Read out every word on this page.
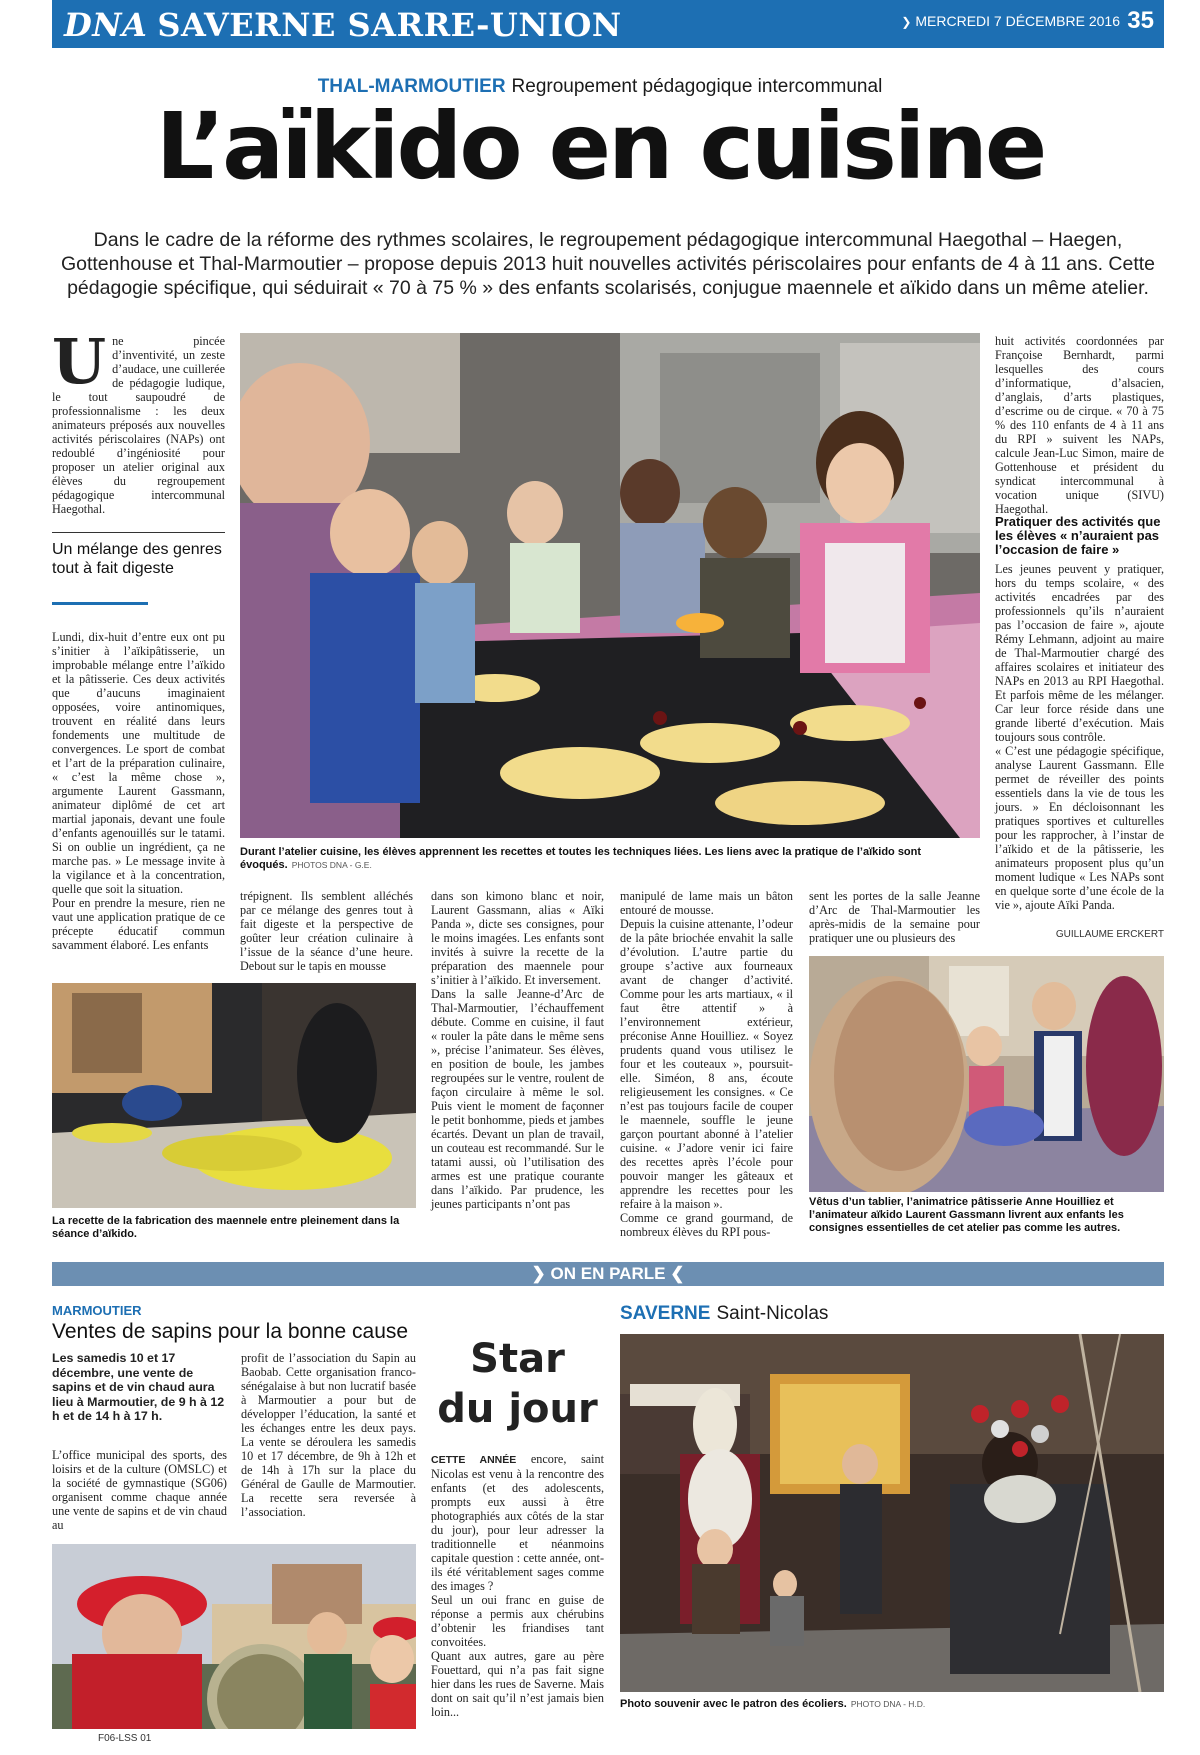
DNA SAVERNE SARRE-UNION	❯ MERCREDI 7 DÉCEMBRE 2016 35
THAL-MARMOUTIER Regroupement pédagogique intercommunal
L’aïkido en cuisine
Dans le cadre de la réforme des rythmes scolaires, le regroupement pédagogique intercommunal Haegothal – Haegen, Gottenhouse et Thal-Marmoutier – propose depuis 2013 huit nouvelles activités périscolaires pour enfants de 4 à 11 ans. Cette pédagogie spécifique, qui séduirait « 70 à 75 % » des enfants scolarisés, conjugue maennele et aïkido dans un même atelier.
Une pincée d’inventivité, un zeste d’audace, une cuillerée de pédagogie ludique, le tout saupoudré de professionnalisme : les deux animateurs préposés aux nouvelles activités périscolaires (NAPs) ont redoublé d’ingéniosité pour proposer un atelier original aux élèves du regroupement pédagogique intercommunal Haegothal.
Un mélange des genres tout à fait digeste

Lundi, dix-huit d’entre eux ont pu s’initier à l’aïkipâtisserie, un improbable mélange entre l’aïkido et la pâtisserie. Ces deux activités que d’aucuns imaginaient opposées, voire antinomiques, trouvent en réalité dans leurs fondements une multitude de convergences. Le sport de combat et l’art de la préparation culinaire, « c’est la même chose », argumente Laurent Gassmann, animateur diplômé de cet art martial japonais, devant une foule d’enfants agenouillés sur le tatami. Si on oublie un ingrédient, ça ne marche pas. » Le message invite à la vigilance et à la concentration, quelle que soit la situation.

Pour en prendre la mesure, rien ne vaut une application pratique de ce précepte éducatif commun savamment élaboré. Les enfants

Durant l’atelier cuisine, les élèves apprennent les recettes et toutes les techniques liées. Les liens avec la pratique de l’aïkido sont évoqués. PHOTOS DNA - G.E.

trépignent. Ils semblent alléchés par ce mélange des genres tout à fait digeste et la perspective de goûter leur création culinaire à l’issue de la séance d’une heure. Debout sur le tapis en mousse

dans son kimono blanc et noir, Laurent Gassmann, alias « Aïki Panda », dicte ses consignes, pour le moins imagées. Les enfants sont invités à suivre la recette de la préparation des maennele pour s’initier à l’aïkido. Et inversement.

Dans la salle Jeanne-d’Arc de Thal-Marmoutier, l’échauffement débute. Comme en cuisine, il faut « rouler la pâte dans le même sens », précise l’animateur. Ses élèves, en position de boule, les jambes regroupées sur le ventre, roulent de façon circulaire à même le sol. Puis vient le moment de façonner le petit bonhomme, pieds et jambes écartés. Devant un plan de travail, un couteau est recommandé. Sur le tatami aussi, où l’utilisation des armes est une pratique courante dans l’aïkido. Par prudence, les jeunes participants n’ont pas

manipulé de lame mais un bâton entouré de mousse.

Depuis la cuisine attenante, l’odeur de la pâte briochée envahit la salle d’évolution. L’autre partie du groupe s’active aux fourneaux avant de changer d’activité. Comme pour les arts martiaux, « il faut être attentif » à l’environnement extérieur, préconise Anne Houilliez. « Soyez prudents quand vous utilisez le four et les couteaux », poursuit-elle. Siméon, 8 ans, écoute religieusement les consignes. « Ce n’est pas toujours facile de couper le maennele, souffle le jeune garçon pourtant abonné à l’atelier cuisine. « J’adore venir ici faire des recettes après l’école pour pouvoir manger les gâteaux et apprendre les recettes pour les refaire à la maison ».

Comme ce grand gourmand, de nombreux élèves du RPI pous-

sent les portes de la salle Jeanne d’Arc de Thal-Marmoutier les après-midis de la semaine pour pratiquer une ou plusieurs des

huit activités coordonnées par Françoise Bernhardt, parmi lesquelles des cours d’informatique, d’alsacien, d’anglais, d’arts plastiques, d’escrime ou de cirque. « 70 à 75 % des 110 enfants de 4 à 11 ans du RPI » suivent les NAPs, calcule Jean-Luc Simon, maire de Gottenhouse et président du syndicat intercommunal à vocation unique (SIVU) Haegothal.

Pratiquer des activités que les élèves « n’auraient pas l’occasion de faire »

Les jeunes peuvent y pratiquer, hors du temps scolaire, « des activités encadrées par des professionnels qu’ils n’auraient pas l’occasion de faire », ajoute Rémy Lehmann, adjoint au maire de Thal-Marmoutier chargé des affaires scolaires et initiateur des NAPs en 2013 au RPI Haegothal. Et parfois même de les mélanger. Car leur force réside dans une grande liberté d’exécution. Mais toujours sous contrôle.

« C’est une pédagogie spécifique, analyse Laurent Gassmann. Elle permet de réveiller des points essentiels dans la vie de tous les jours. » En décloisonnant les pratiques sportives et culturelles pour les rapprocher, à l’instar de l’aïkido et de la pâtisserie, les animateurs proposent plus qu’un moment ludique « Les NAPs sont en quelque sorte d’une école de la vie », ajoute Aïki Panda.

GUILLAUME ERCKERT
La recette de la fabrication des maennele entre pleinement dans la séance d’aïkido.
Vêtus d’un tablier, l’animatrice pâtisserie Anne Houilliez et l’animateur aïkido Laurent Gassmann livrent aux enfants les consignes essentielles de cet atelier pas comme les autres.
❯ ON EN PARLE ❮
MARMOUTIER
Ventes de sapins pour la bonne cause
Les samedis 10 et 17 décembre, une vente de sapins et de vin chaud aura lieu à Marmoutier, de 9 h à 12 h et de 14 h à 17 h.

L’office municipal des sports, des loisirs et de la culture (OMSLC) et la société de gymnastique (SG06) organisent comme chaque année une vente de sapins et de vin chaud au

profit de l’association du Sapin au Baobab. Cette organisation franco-sénégalaise à but non lucratif basée à Marmoutier a pour but de développer l’éducation, la santé et les échanges entre les deux pays. La vente se déroulera les samedis 10 et 17 décembre, de 9h à 12h et de 14h à 17h sur la place du Général de Gaulle de Marmoutier. La recette sera reversée à l’association.

Star
du jour

CETTE ANNÉE encore, saint Nicolas est venu à la rencontre des enfants (et des adolescents, prompts eux aussi à être photographiés aux côtés de la star du jour), pour leur adresser la traditionnelle et néanmoins capitale question : cette année, ont-ils été véritablement sages comme des images ?

Seul un oui franc en guise de réponse a permis aux chérubins d’obtenir les friandises tant convoitées.

Quant aux autres, gare au père Fouettard, qui n’a pas fait signe hier dans les rues de Saverne. Mais dont on sait qu’il n’est jamais bien loin...

SAVERNE Saint-Nicolas
Photo souvenir avec le patron des écoliers. PHOTO DNA - H.D.
F06-LSS 01
